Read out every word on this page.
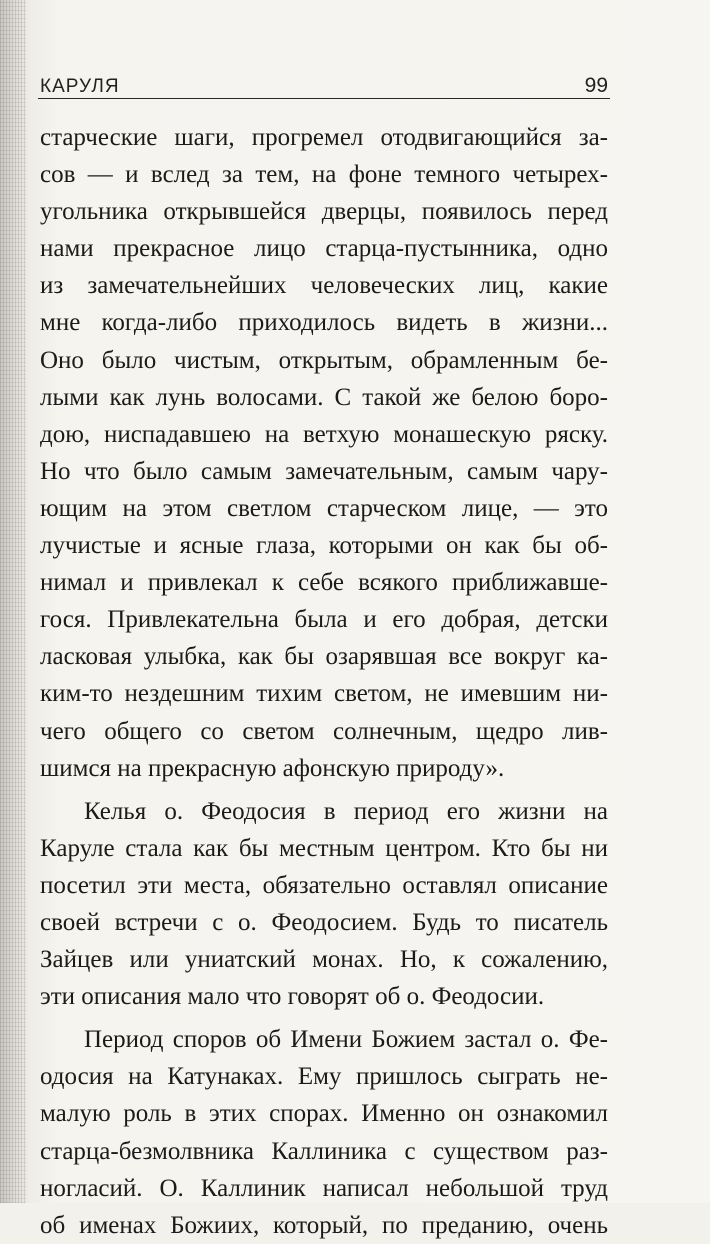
КАРУЛЯ	99
старческие шаги, прогремел отодвигающийся за-
сов — и вслед за тем, на фоне темного четырех-
угольника открывшейся дверцы, появилось перед
нами прекрасное лицо старца-пустынника, одно
из замечательнейших человеческих лиц, какие
мне когда-либо приходилось видеть в жизни...
Оно было чистым, открытым, обрамленным бе-
лыми как лунь волосами. С такой же белою боро-
дою, ниспадавшею на ветхую монашескую ряску.
Но что было самым замечательным, самым чару-
ющим на этом светлом старческом лице, — это
лучистые и ясные глаза, которыми он как бы об-
нимал и привлекал к себе всякого приближавше-
гося. Привлекательна была и его добрая, детски
ласковая улыбка, как бы озарявшая все вокруг ка-
ким-то нездешним тихим светом, не имевшим ни-
чего общего со светом солнечным, щедро лив-
шимся на прекрасную афонскую природу».
Келья о. Феодосия в период его жизни на
Каруле стала как бы местным центром. Кто бы ни
посетил эти места, обязательно оставлял описание
своей встречи с о. Феодосием. Будь то писатель
Зайцев или униатский монах. Но, к сожалению,
эти описания мало что говорят об о. Феодосии.
Период споров об Имени Божием застал о. Фе-
одосия на Катунаках. Ему пришлось сыграть не-
малую роль в этих спорах. Именно он ознакомил
старца-безмолвника Каллиника с существом раз-
ногласий. О. Каллиник написал небольшой труд
об именах Божиих, который, по преданию, очень
